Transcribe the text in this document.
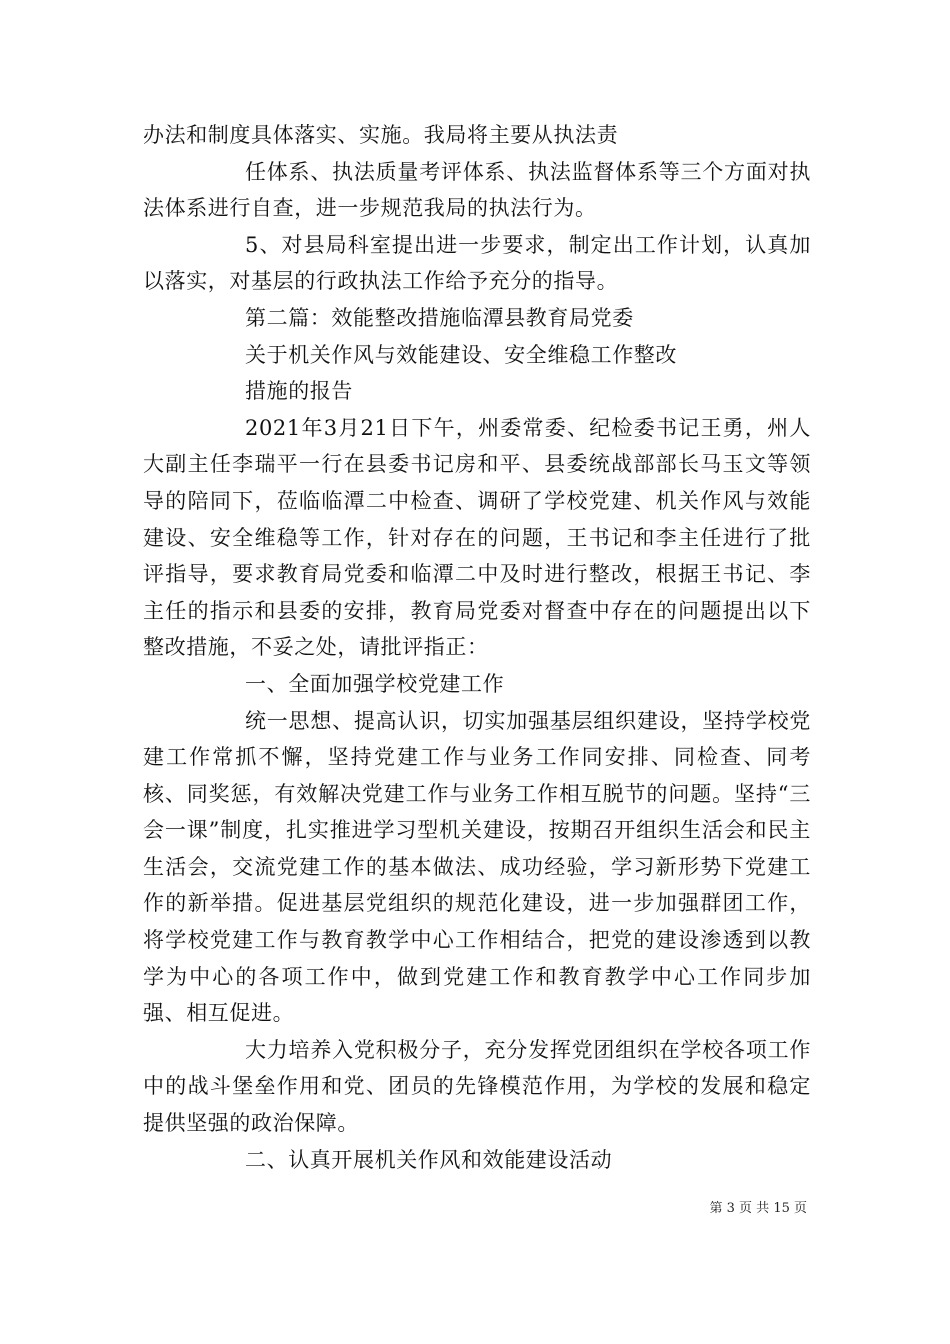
办法和制度具体落实、实施。我局将主要从执法责

任体系、执法质量考评体系、执法监督体系等三个方面对执法体系进行自查，进一步规范我局的执法行为。

5、对县局科室提出进一步要求，制定出工作计划，认真加以落实，对基层的行政执法工作给予充分的指导。

第二篇：效能整改措施临潭县教育局党委

关于机关作风与效能建设、安全维稳工作整改

措施的报告

2021年3月21日下午，州委常委、纪检委书记王勇，州人大副主任李瑞平一行在县委书记房和平、县委统战部部长马玉文等领导的陪同下，莅临临潭二中检查、调研了学校党建、机关作风与效能建设、安全维稳等工作，针对存在的问题，王书记和李主任进行了批评指导，要求教育局党委和临潭二中及时进行整改，根据王书记、李主任的指示和县委的安排，教育局党委对督查中存在的问题提出以下整改措施，不妥之处，请批评指正：

一、全面加强学校党建工作

统一思想、提高认识，切实加强基层组织建设，坚持学校党建工作常抓不懈，坚持党建工作与业务工作同安排、同检查、同考核、同奖惩，有效解决党建工作与业务工作相互脱节的问题。坚持“三会一课”制度，扎实推进学习型机关建设，按期召开组织生活会和民主生活会，交流党建工作的基本做法、成功经验，学习新形势下党建工作的新举措。促进基层党组织的规范化建设，进一步加强群团工作，将学校党建工作与教育教学中心工作相结合，把党的建设渗透到以教学为中心的各项工作中，做到党建工作和教育教学中心工作同步加强、相互促进。

大力培养入党积极分子，充分发挥党团组织在学校各项工作中的战斗堡垒作用和党、团员的先锋模范作用，为学校的发展和稳定提供坚强的政治保障。

二、认真开展机关作风和效能建设活动

第 3 页 共 15 页
